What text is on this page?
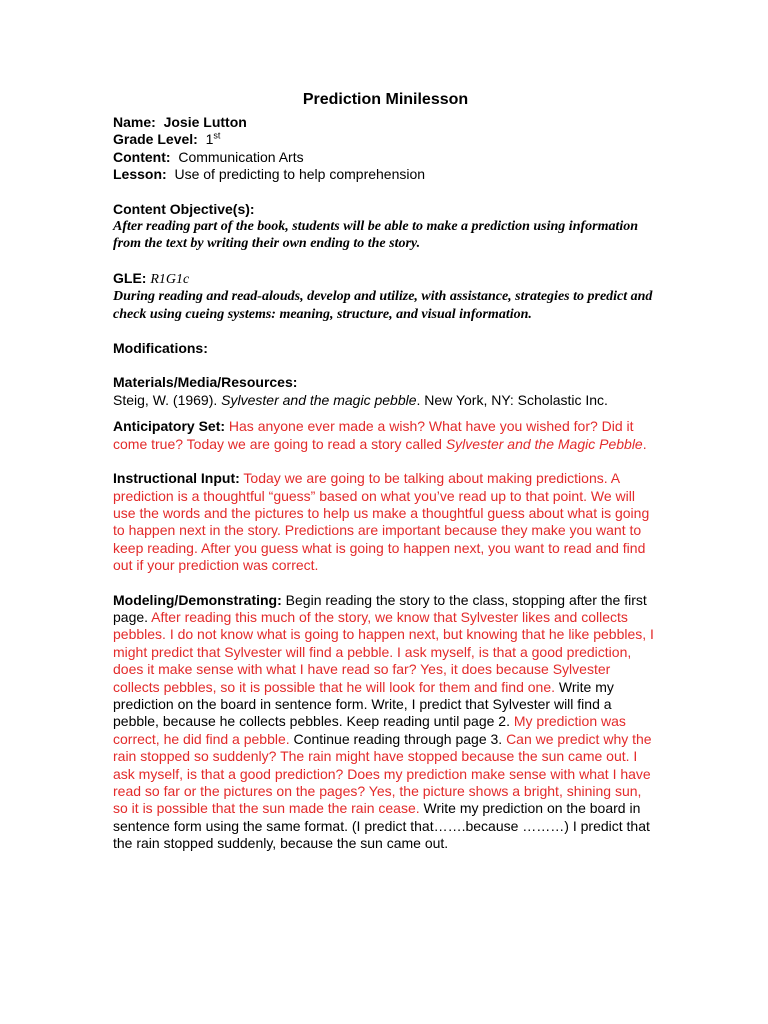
Prediction Minilesson

Name: Josie Lutton

Grade Level: 1st

Content: Communication Arts

Lesson: Use of predicting to help comprehension

Content Objective(s):

After reading part of the book, students will be able to make a prediction using information from the text by writing their own ending to the story.

GLE: R1G1c

During reading and read-alouds, develop and utilize, with assistance, strategies to predict and check using cueing systems: meaning, structure, and visual information.

Modifications:

Materials/Media/Resources:

Steig, W. (1969). Sylvester and the magic pebble. New York, NY: Scholastic Inc.

Anticipatory Set: Has anyone ever made a wish? What have you wished for? Did it come true? Today we are going to read a story called Sylvester and the Magic Pebble.

Instructional Input: Today we are going to be talking about making predictions. A prediction is a thoughtful “guess” based on what you’ve read up to that point. We will use the words and the pictures to help us make a thoughtful guess about what is going to happen next in the story. Predictions are important because they make you want to keep reading. After you guess what is going to happen next, you want to read and find out if your prediction was correct.

Modeling/Demonstrating: Begin reading the story to the class, stopping after the first page. After reading this much of the story, we know that Sylvester likes and collects pebbles. I do not know what is going to happen next, but knowing that he like pebbles, I might predict that Sylvester will find a pebble. I ask myself, is that a good prediction, does it make sense with what I have read so far? Yes, it does because Sylvester collects pebbles, so it is possible that he will look for them and find one. Write my prediction on the board in sentence form. Write, I predict that Sylvester will find a pebble, because he collects pebbles. Keep reading until page 2. My prediction was correct, he did find a pebble. Continue reading through page 3. Can we predict why the rain stopped so suddenly? The rain might have stopped because the sun came out. I ask myself, is that a good prediction? Does my prediction make sense with what I have read so far or the pictures on the pages? Yes, the picture shows a bright, shining sun, so it is possible that the sun made the rain cease. Write my prediction on the board in sentence form using the same format. (I predict that…….because ………) I predict that the rain stopped suddenly, because the sun came out.
